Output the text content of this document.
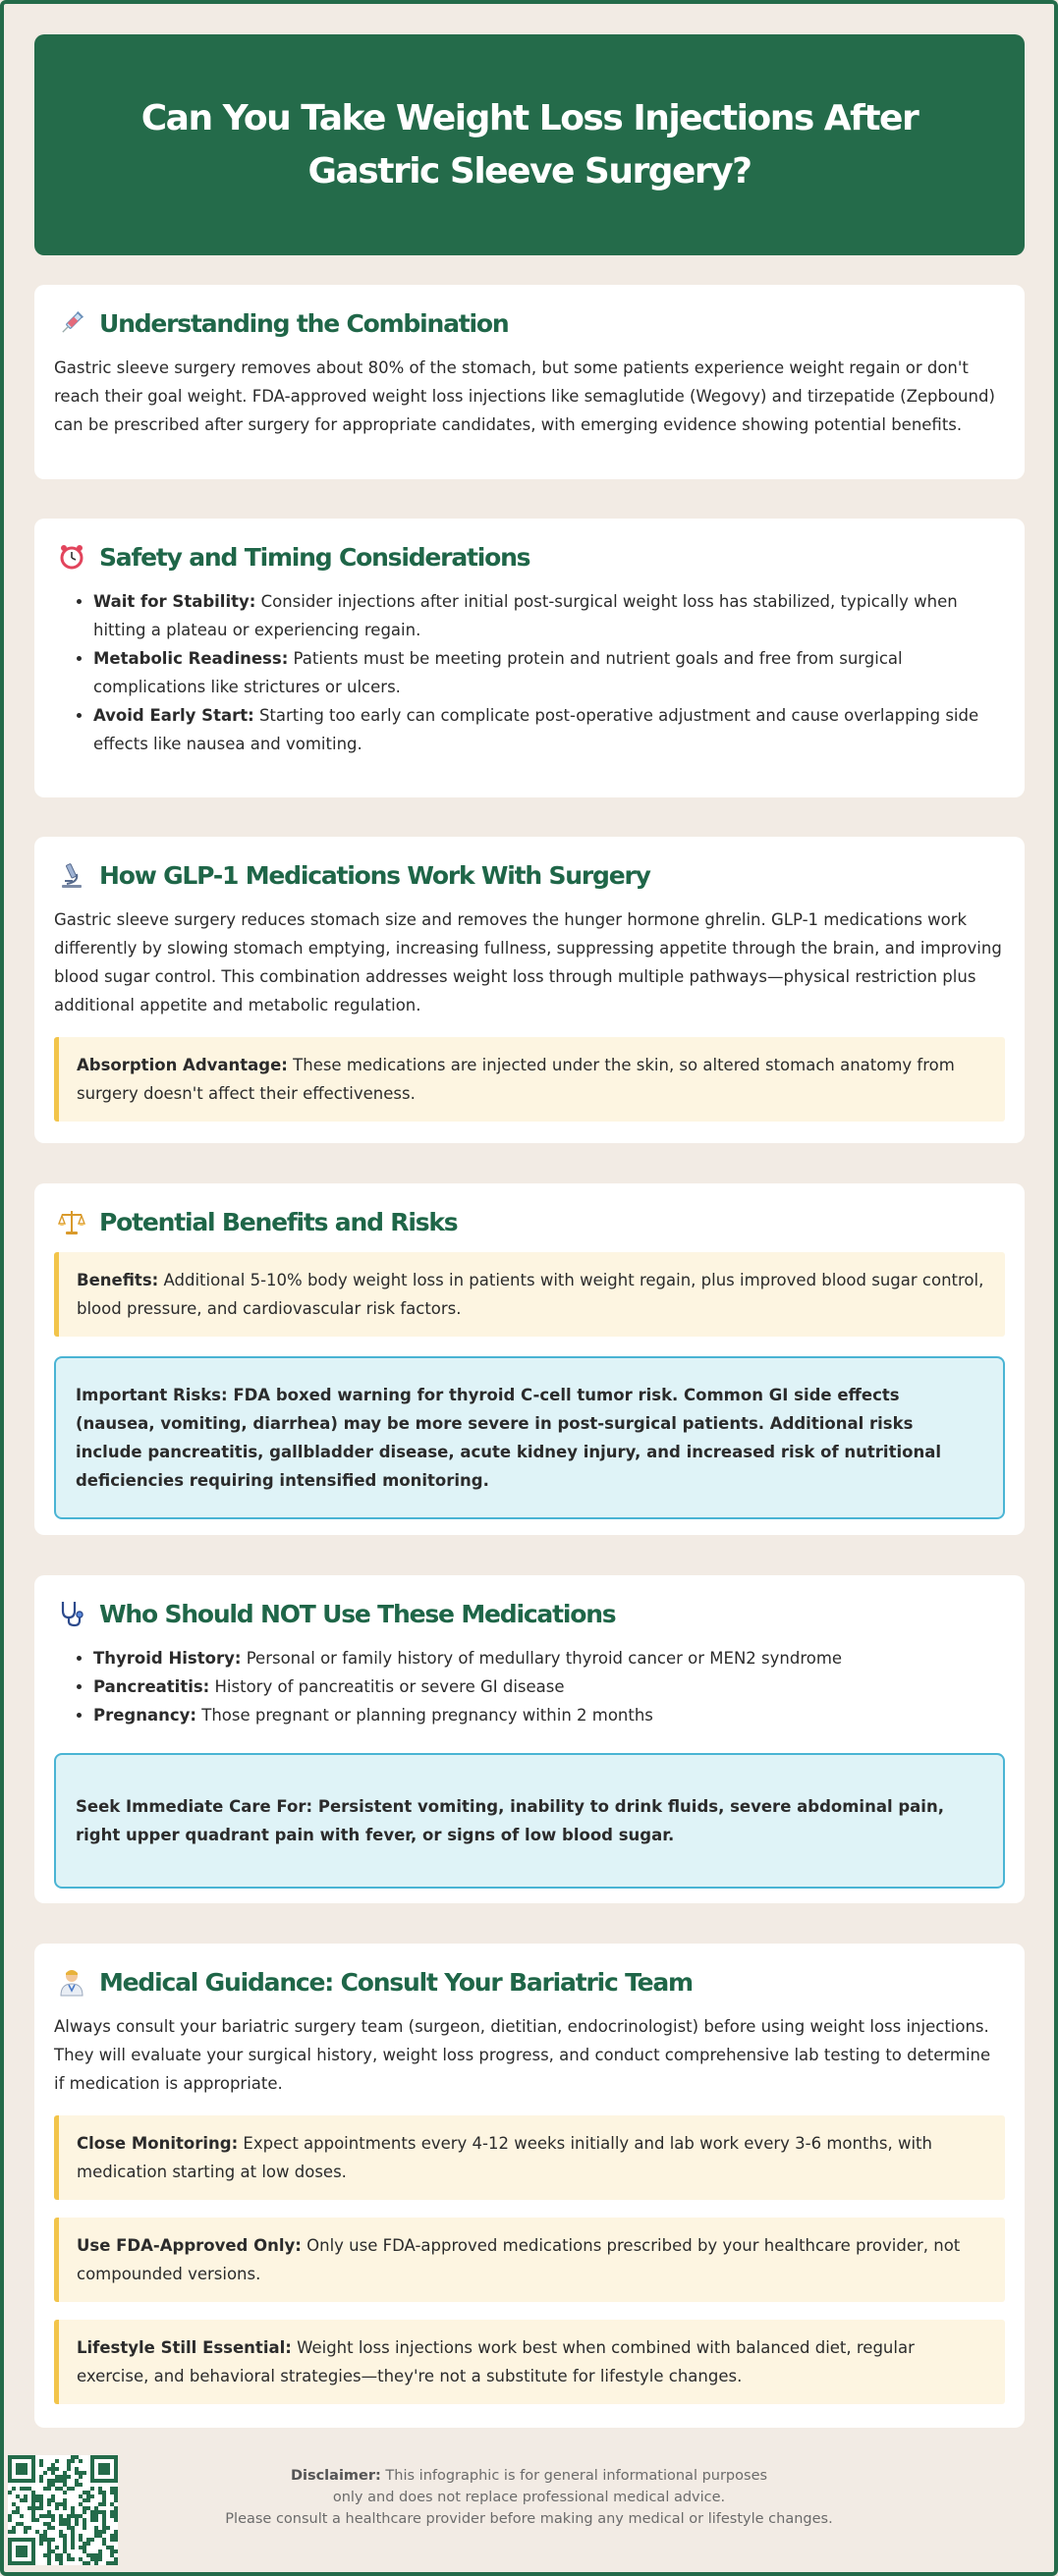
Can You Take Weight Loss Injections After Gastric Sleeve Surgery?
Understanding the Combination

Gastric sleeve surgery removes about 80% of the stomach, but some patients experience weight regain or don't reach their goal weight. FDA-approved weight loss injections like semaglutide (Wegovy) and tirzepatide (Zepbound) can be prescribed after surgery for appropriate candidates, with emerging evidence showing potential benefits.

Safety and Timing Considerations
• Wait for Stability: Consider injections after initial post-surgical weight loss has stabilized, typically when hitting a plateau or experiencing regain.
• Metabolic Readiness: Patients must be meeting protein and nutrient goals and free from surgical complications like strictures or ulcers.
• Avoid Early Start: Starting too early can complicate post-operative adjustment and cause overlapping side effects like nausea and vomiting.
How GLP-1 Medications Work With Surgery

Gastric sleeve surgery reduces stomach size and removes the hunger hormone ghrelin. GLP-1 medications work differently by slowing stomach emptying, increasing fullness, suppressing appetite through the brain, and improving blood sugar control. This combination addresses weight loss through multiple pathways—physical restriction plus additional appetite and metabolic regulation.

Absorption Advantage: These medications are injected under the skin, so altered stomach anatomy from surgery doesn't affect their effectiveness.
Potential Benefits and Risks
Benefits: Additional 5-10% body weight loss in patients with weight regain, plus improved blood sugar control, blood pressure, and cardiovascular risk factors.
Important Risks: FDA boxed warning for thyroid C-cell tumor risk. Common GI side effects (nausea, vomiting, diarrhea) may be more severe in post-surgical patients. Additional risks include pancreatitis, gallbladder disease, acute kidney injury, and increased risk of nutritional deficiencies requiring intensified monitoring.
Who Should NOT Use These Medications
• Thyroid History: Personal or family history of medullary thyroid cancer or MEN2 syndrome
• Pancreatitis: History of pancreatitis or severe GI disease
• Pregnancy: Those pregnant or planning pregnancy within 2 months
Seek Immediate Care For: Persistent vomiting, inability to drink fluids, severe abdominal pain, right upper quadrant pain with fever, or signs of low blood sugar.
Medical Guidance: Consult Your Bariatric Team

Always consult your bariatric surgery team (surgeon, dietitian, endocrinologist) before using weight loss injections. They will evaluate your surgical history, weight loss progress, and conduct comprehensive lab testing to determine if medication is appropriate.

Close Monitoring: Expect appointments every 4-12 weeks initially and lab work every 3-6 months, with medication starting at low doses.
Use FDA-Approved Only: Only use FDA-approved medications prescribed by your healthcare provider, not compounded versions.
Lifestyle Still Essential: Weight loss injections work best when combined with balanced diet, regular exercise, and behavioral strategies—they're not a substitute for lifestyle changes.
Disclaimer: This infographic is for general informational purposes
only and does not replace professional medical advice.
Please consult a healthcare provider before making any medical or lifestyle changes.
